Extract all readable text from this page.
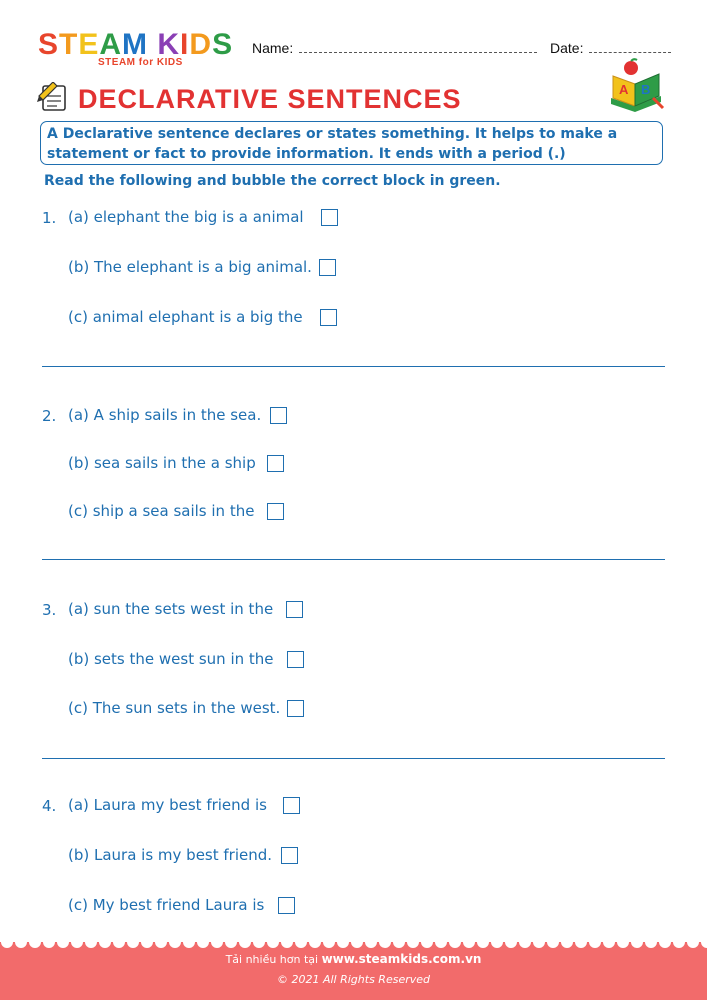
STEAM KIDS
STEAM for KIDS
Name:	Date:
DECLARATIVE SENTENCES	A B
A Declarative sentence declares or states something. It helps to make a statement or fact to provide information. It ends with a period (.)
Read the following and bubble the correct block in green.
1. (a) elephant the big is a animal
(b) The elephant is a big animal.
(c) animal elephant is a big the
2. (a) A ship sails in the sea.
(b) sea sails in the a ship
(c) ship a sea sails in the
3. (a) sun the sets west in the
(b) sets the west sun in the
(c) The sun sets in the west.
4. (a) Laura my best friend is
(b) Laura is my best friend.
(c) My best friend Laura is
Tải nhiều hơn tại www.steamkids.com.vn
© 2021 All Rights Reserved
